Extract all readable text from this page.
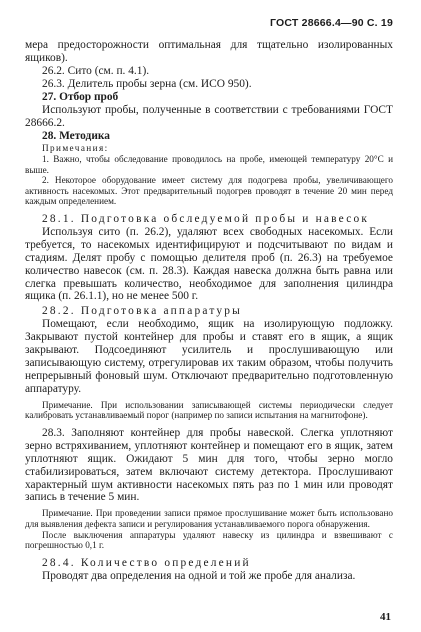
ГОСТ 28666.4—90 С. 19

мера предосторожности оптимальная для тщательно изолированных ящиков).

26.2. Сито (см. п. 4.1).

26.3. Делитель пробы зерна (см. ИСО 950).

27. Отбор проб

Используют пробы, полученные в соответствии с требованиями ГОСТ 28666.2.

28. Методика

Примечания:

1. Важно, чтобы обследование проводилось на пробе, имеющей температуру 20°С и выше.

2. Некоторое оборудование имеет систему для подогрева пробы, увеличивающего активность насекомых. Этот предварительный подогрев проводят в течение 20 мин перед каждым определением.

28.1. Подготовка обследуемой пробы и навесок

Используя сито (п. 26.2), удаляют всех свободных насекомых. Если требуется, то насекомых идентифицируют и подсчитывают по видам и стадиям. Делят пробу с помощью делителя проб (п. 26.3) на требуемое количество навесок (см. п. 28.3). Каждая навеска должна быть равна или слегка превышать количество, необходимое для заполнения цилиндра ящика (п. 26.1.1), но не менее 500 г.

28.2. Подготовка аппаратуры

Помещают, если необходимо, ящик на изолирующую подложку. Закрывают пустой контейнер для пробы и ставят его в ящик, а ящик закрывают. Подсоединяют усилитель и прослушивающую или записывающую систему, отрегулировав их таким образом, чтобы получить непрерывный фоновый шум. Отключают предварительно подготовленную аппаратуру.

Примечание. При использовании записывающей системы периодически следует калибровать устанавливаемый порог (например по записи испытания на магнитофоне).

28.3. Заполняют контейнер для пробы навеской. Слегка уплотняют зерно встряхиванием, уплотняют контейнер и помещают его в ящик, затем уплотняют ящик. Ожидают 5 мин для того, чтобы зерно могло стабилизироваться, затем включают систему детектора. Прослушивают характерный шум активности насекомых пять раз по 1 мин или проводят запись в течение 5 мин.

Примечание. При проведении записи прямое прослушивание может быть использовано для выявления дефекта записи и регулирования устанавливаемого порога обнаружения.

После выключения аппаратуры удаляют навеску из цилиндра и взвешивают с погрешностью 0,1 г.

28.4. Количество определений

Проводят два определения на одной и той же пробе для анализа.

41
